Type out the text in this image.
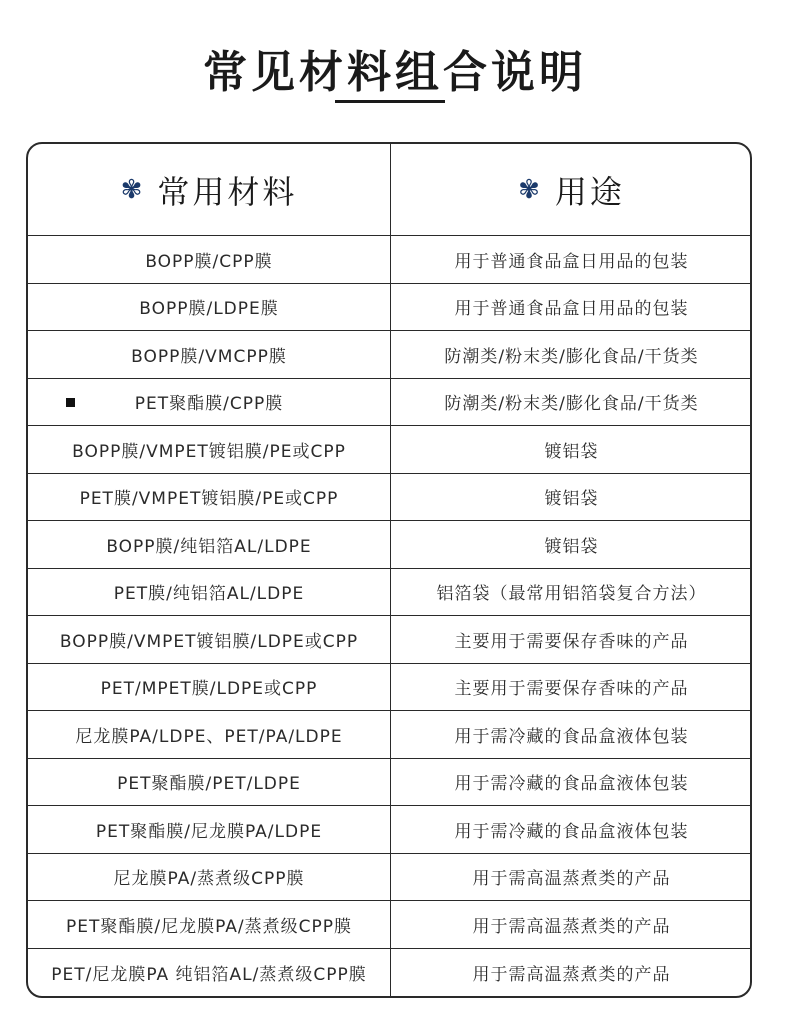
常见材料组合说明
✾ 常用材料	✾ 用途
BOPP膜/CPP膜	用于普通食品盒日用品的包装
BOPP膜/LDPE膜	用于普通食品盒日用品的包装
BOPP膜/VMCPP膜	防潮类/粉末类/膨化食品/干货类
PET聚酯膜/CPP膜	防潮类/粉末类/膨化食品/干货类
BOPP膜/VMPET镀铝膜/PE或CPP	镀铝袋
PET膜/VMPET镀铝膜/PE或CPP	镀铝袋
BOPP膜/纯铝箔AL/LDPE	镀铝袋
PET膜/纯铝箔AL/LDPE	铝箔袋（最常用铝箔袋复合方法）
BOPP膜/VMPET镀铝膜/LDPE或CPP	主要用于需要保存香味的产品
PET/MPET膜/LDPE或CPP	主要用于需要保存香味的产品
尼龙膜PA/LDPE、PET/PA/LDPE	用于需冷藏的食品盒液体包装
PET聚酯膜/PET/LDPE	用于需冷藏的食品盒液体包装
PET聚酯膜/尼龙膜PA/LDPE	用于需冷藏的食品盒液体包装
尼龙膜PA/蒸煮级CPP膜	用于需高温蒸煮类的产品
PET聚酯膜/尼龙膜PA/蒸煮级CPP膜	用于需高温蒸煮类的产品
PET/尼龙膜PA 纯铝箔AL/蒸煮级CPP膜	用于需高温蒸煮类的产品
